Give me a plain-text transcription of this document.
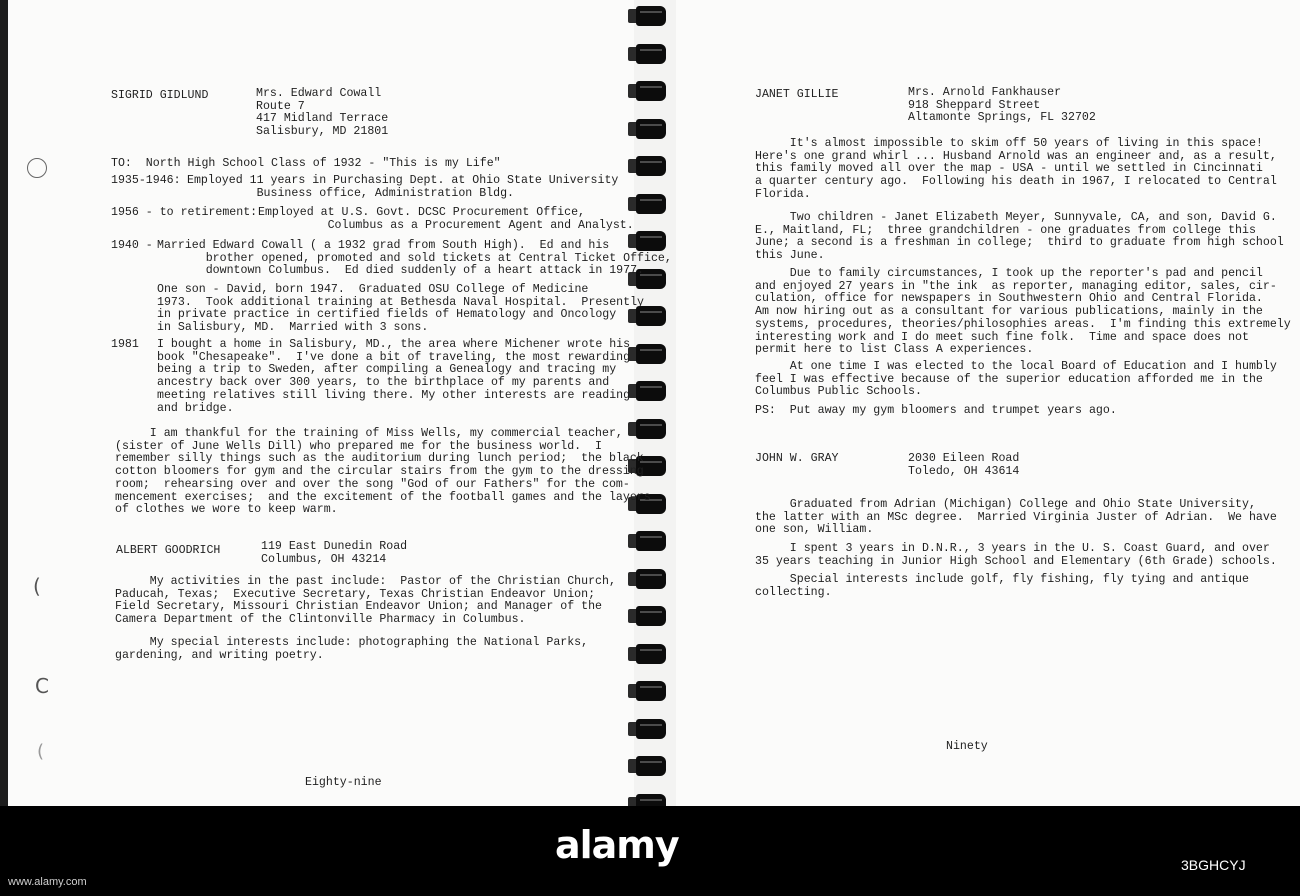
(
C
(
SIGRID GIDLUND	Mrs. Edward Cowall
Route 7
417 Midland Terrace
Salisbury, MD 21801
TO:  North High School Class of 1932 - "This is my Life"
1935-1946: Employed 11 years in Purchasing Dept. at Ohio State University
Business office, Administration Bldg.
1956 - to retirement: Employed at U.S. Govt. DCSC Procurement Office,
Columbus as a Procurement Agent and Analyst.
1940 - Married Edward Cowall ( a 1932 grad from South High).  Ed and his
brother opened, promoted and sold tickets at Central Ticket Office,
downtown Columbus.  Ed died suddenly of a heart attack in 1977.
One son - David, born 1947.  Graduated OSU College of Medicine
1973.  Took additional training at Bethesda Naval Hospital.  Presently
in private practice in certified fields of Hematology and Oncology
in Salisbury, MD.  Married with 3 sons.
1981 I bought a home in Salisbury, MD., the area where Michener wrote his
book "Chesapeake".  I've done a bit of traveling, the most rewarding
being a trip to Sweden, after compiling a Genealogy and tracing my
ancestry back over 300 years, to the birthplace of my parents and
meeting relatives still living there. My other interests are reading
and bridge.
I am thankful for the training of Miss Wells, my commercial teacher,
(sister of June Wells Dill) who prepared me for the business world.  I
remember silly things such as the auditorium during lunch period;  the black
cotton bloomers for gym and the circular stairs from the gym to the dressing
room;  rehearsing over and over the song "God of our Fathers" for the com-
mencement exercises;  and the excitement of the football games and the layers
of clothes we wore to keep warm.
ALBERT GOODRICH	119 East Dunedin Road
Columbus, OH 43214
My activities in the past include:  Pastor of the Christian Church,
Paducah, Texas;  Executive Secretary, Texas Christian Endeavor Union;
Field Secretary, Missouri Christian Endeavor Union; and Manager of the
Camera Department of the Clintonville Pharmacy in Columbus.
My special interests include: photographing the National Parks,
gardening, and writing poetry.
Eighty-nine
JANET GILLIE	Mrs. Arnold Fankhauser
918 Sheppard Street
Altamonte Springs, FL 32702
It's almost impossible to skim off 50 years of living in this space!
Here's one grand whirl ... Husband Arnold was an engineer and, as a result,
this family moved all over the map - USA - until we settled in Cincinnati
a quarter century ago.  Following his death in 1967, I relocated to Central
Florida.
Two children - Janet Elizabeth Meyer, Sunnyvale, CA, and son, David G.
E., Maitland, FL;  three grandchildren - one graduates from college this
June; a second is a freshman in college;  third to graduate from high school
this June.
Due to family circumstances, I took up the reporter's pad and pencil
and enjoyed 27 years in "the ink  as reporter, managing editor, sales, cir-
culation, office for newspapers in Southwestern Ohio and Central Florida.
Am now hiring out as a consultant for various publications, mainly in the
systems, procedures, theories/philosophies areas.  I'm finding this extremely
interesting work and I do meet such fine folk.  Time and space does not
permit here to list Class A experiences.
At one time I was elected to the local Board of Education and I humbly
feel I was effective because of the superior education afforded me in the
Columbus Public Schools.
PS:  Put away my gym bloomers and trumpet years ago.
JOHN W. GRAY	2030 Eileen Road
Toledo, OH 43614
Graduated from Adrian (Michigan) College and Ohio State University,
the latter with an MSc degree.  Married Virginia Juster of Adrian.  We have
one son, William.
I spent 3 years in D.N.R., 3 years in the U. S. Coast Guard, and over
35 years teaching in Junior High School and Elementary (6th Grade) schools.
Special interests include golf, fly fishing, fly tying and antique
collecting.
Ninety
alamy	3BGHCYJ
www.alamy.com
